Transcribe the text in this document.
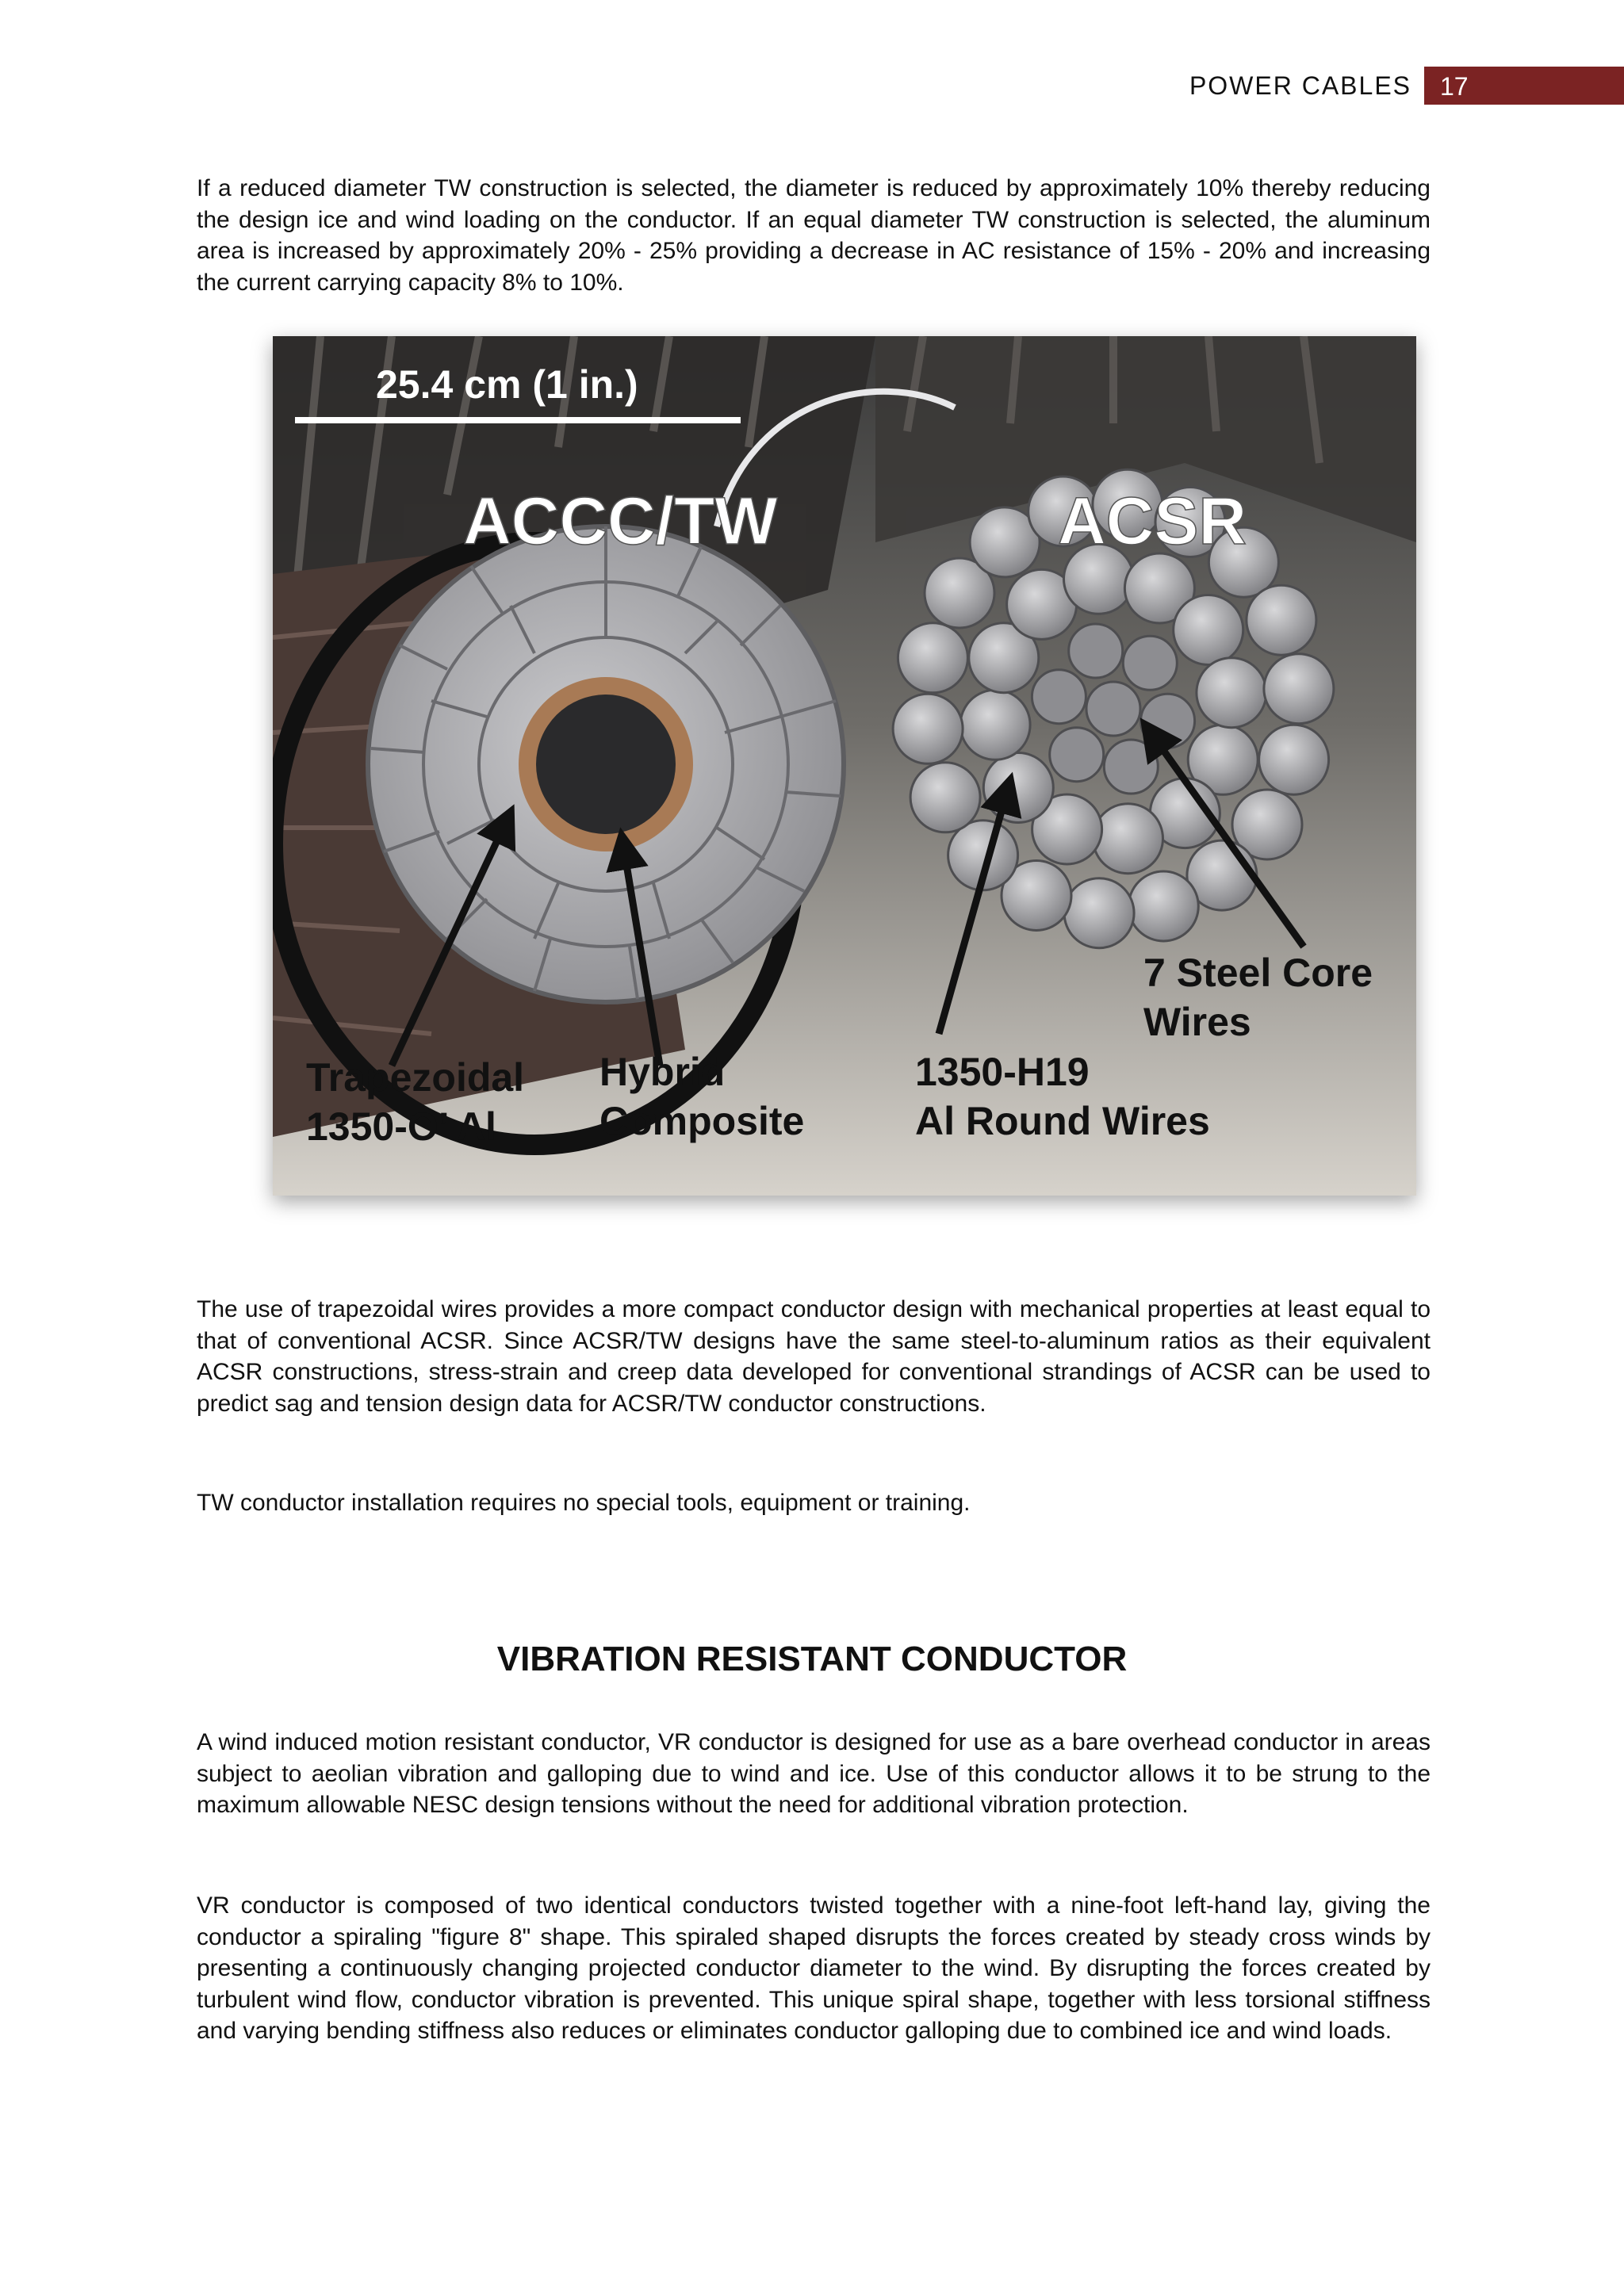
POWER CABLES 17

If a reduced diameter TW construction is selected, the diameter is reduced by approximately 10% thereby reducing the design ice and wind loading on the conductor. If an equal diameter TW construction is selected, the aluminum area is increased by approximately 20% - 25% providing a decrease in AC resistance of 15% - 20% and increasing the current carrying capacity 8% to 10%.

25.4 cm (1 in.)
ACCC/TW	ACSR
Trapezoidal
1350-O’ Al
Hybrid
Composite
1350-H19
Al Round Wires
7 Steel Core
Wires

The use of trapezoidal wires provides a more compact conductor design with mechanical properties at least equal to that of conventional ACSR. Since ACSR/TW designs have the same steel-to-aluminum ratios as their equivalent ACSR constructions, stress-strain and creep data developed for conventional strandings of ACSR can be used to predict sag and tension design data for ACSR/TW conductor constructions.

TW conductor installation requires no special tools, equipment or training.

VIBRATION RESISTANT CONDUCTOR

A wind induced motion resistant conductor, VR conductor is designed for use as a bare overhead conductor in areas subject to aeolian vibration and galloping due to wind and ice. Use of this conductor allows it to be strung to the maximum allowable NESC design tensions without the need for additional vibration protection.

VR conductor is composed of two identical conductors twisted together with a nine-foot left-hand lay, giving the conductor a spiraling "figure 8" shape. This spiraled shaped disrupts the forces created by steady cross winds by presenting a continuously changing projected conductor diameter to the wind. By disrupting the forces created by turbulent wind flow, conductor vibration is prevented. This unique spiral shape, together with less torsional stiffness and varying bending stiffness also reduces or eliminates conductor galloping due to combined ice and wind loads.
